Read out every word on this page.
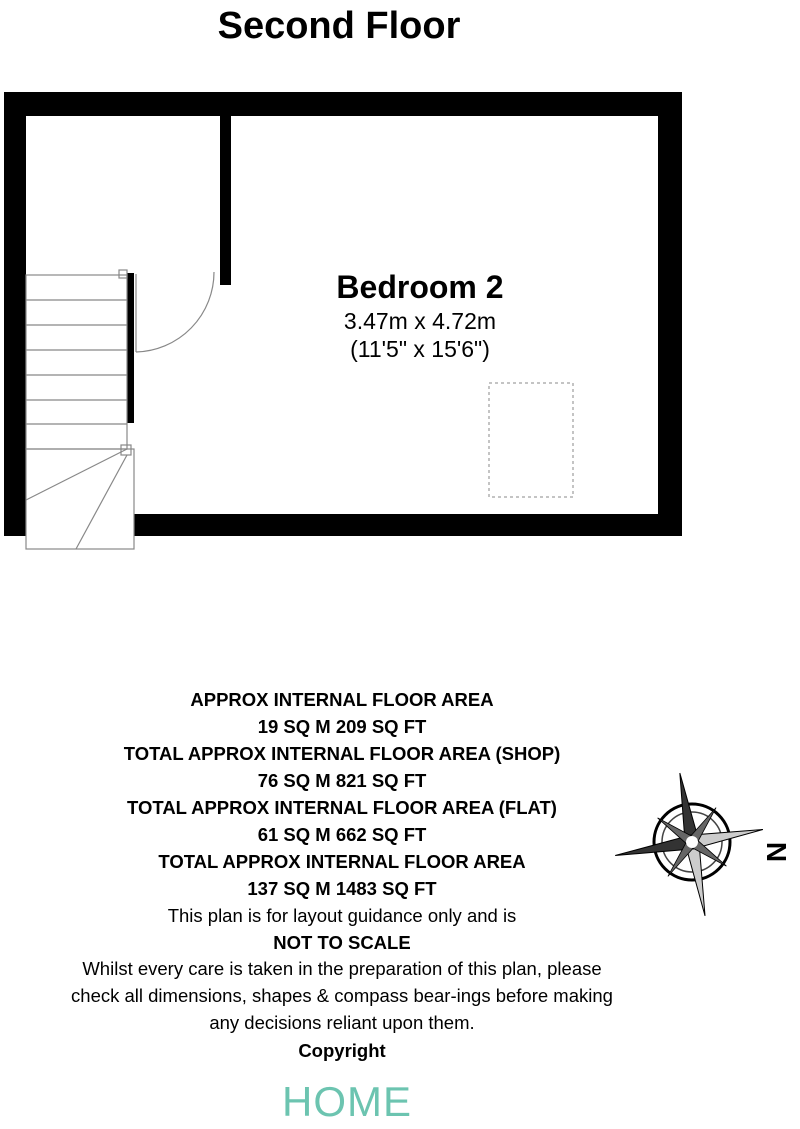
Second Floor
Bedroom 2
3.47m x 4.72m
(11'5" x 15'6")
APPROX INTERNAL FLOOR AREA
19 SQ M 209 SQ FT
TOTAL APPROX INTERNAL FLOOR AREA (SHOP)
76 SQ M 821 SQ FT
TOTAL APPROX INTERNAL FLOOR AREA (FLAT)
61 SQ M 662 SQ FT
TOTAL APPROX INTERNAL FLOOR AREA
137 SQ M 1483 SQ FT
This plan is for layout guidance only and is
NOT TO SCALE
Whilst every care is taken in the preparation of this plan, please check all dimensions, shapes & compass bear-ings before making any decisions reliant upon them.
Copyright
HOME
N
